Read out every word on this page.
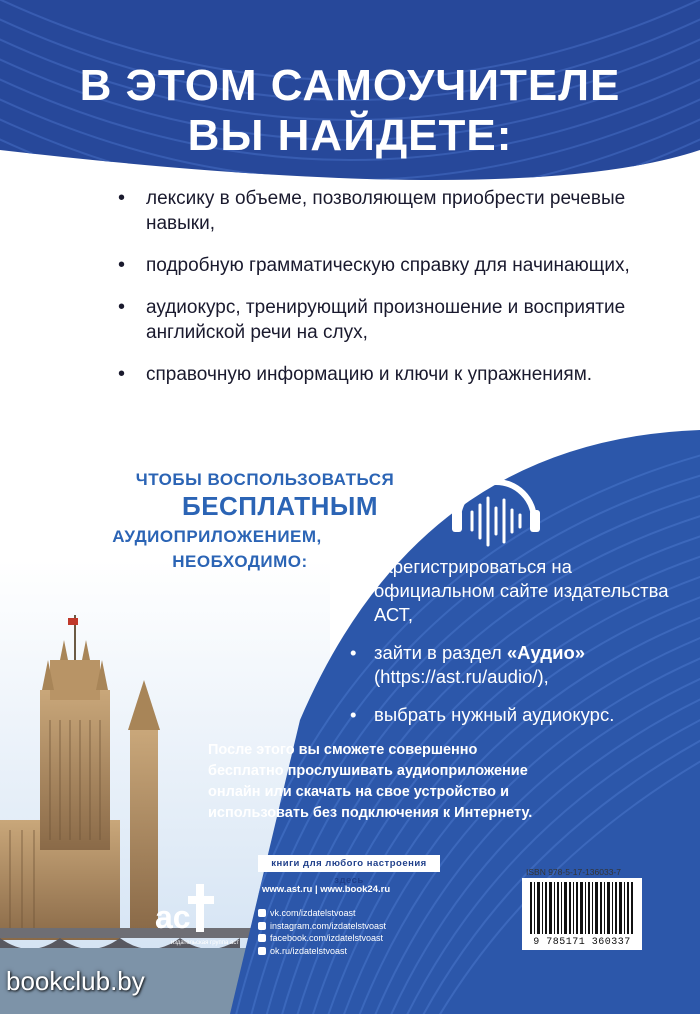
ac
В ЭТОМ САМОУЧИТЕЛЕ
ВЫ НАЙДЕТЕ:
• лексику в объеме, позволяющем приобрести речевые навыки,
• подробную грамматическую справку для начинающих,
• аудиокурс, тренирующий произношение и восприятие английской речи на слух,
• справочную информацию и ключи к упражнениям.
ЧТОБЫ ВОСПОЛЬЗОВАТЬСЯ
БЕСПЛАТНЫМ
АУДИОПРИЛОЖЕНИЕМ,
НЕОБХОДИМО:
•	зарегистрироваться на официальном сайте издательства АСТ,
• зайти в раздел «Аудио»
(https://ast.ru/audio/),
• выбрать нужный аудиокурс.
После этого вы сможете совершенно бесплатно прослушивать аудиоприложение онлайн или скачать на свое устройство и использовать без подключения к Интернету.
книги для любого настроения здесь
www.ast.ru | www.book24.ru
vk.com/izdatelstvoast
instagram.com/izdatelstvoast
facebook.com/izdatelstvoast
ok.ru/izdatelstvoast
издательская группа аст
ISBN 978-5-17-136033-7
9 785171 360337
bookclub.by
